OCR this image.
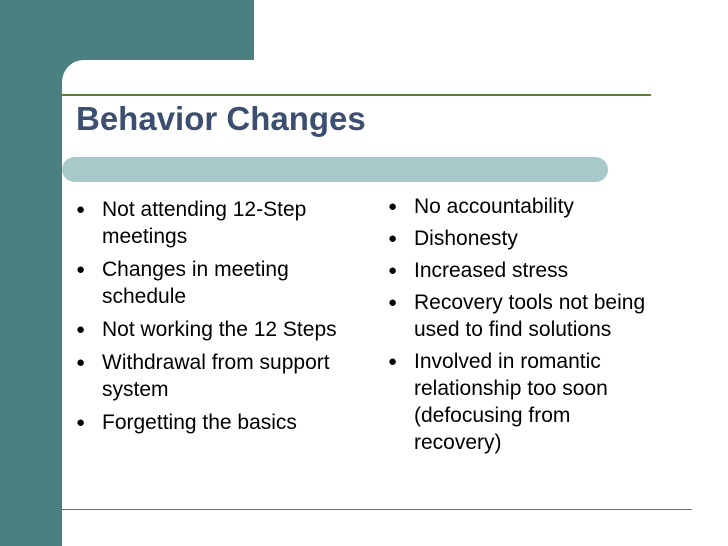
Behavior Changes
● Not attending 12-Step meetings
● Changes in meeting schedule
● Not working the 12 Steps
● Withdrawal from support system
● Forgetting the basics
● No accountability
● Dishonesty
● Increased stress
● Recovery tools not being used to find solutions
● Involved in romantic relationship too soon (defocusing from recovery)
